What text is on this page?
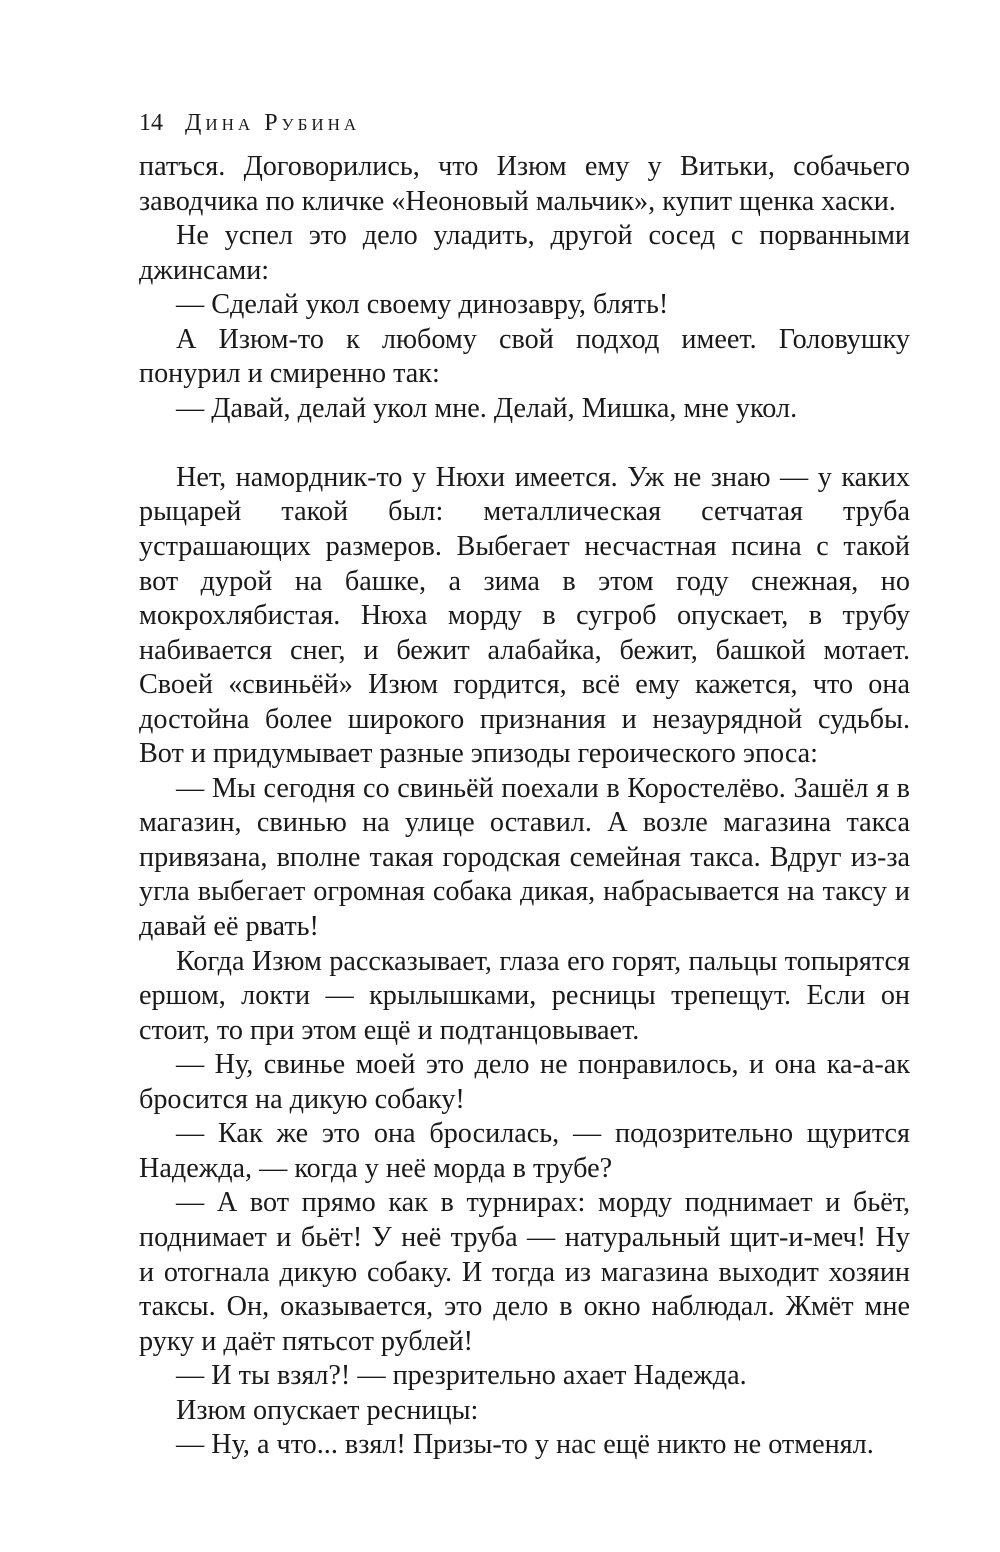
14 Дина Рубина

патъся. Договорились, что Изюм ему у Витьки, собачьего заводчика по кличке «Неоновый мальчик», купит щенка хаски.

Не успел это дело уладить, другой сосед с порванными джинсами:

— Сделай укол своему динозавру, блять!

А Изюм-то к любому свой подход имеет. Головушку понурил и смиренно так:

— Давай, делай укол мне. Делай, Мишка, мне укол.

Нет, намордник-то у Нюхи имеется. Уж не знаю — у каких рыцарей такой был: металлическая сетчатая труба устрашающих размеров. Выбегает несчастная псина с такой вот дурой на башке, а зима в этом году снежная, но мокрохлябистая. Нюха морду в сугроб опускает, в трубу набивается снег, и бежит алабайка, бежит, башкой мотает. Своей «свиньёй» Изюм гордится, всё ему кажется, что она достойна более широкого признания и незаурядной судьбы. Вот и придумывает разные эпизоды героического эпоса:

— Мы сегодня со свиньёй поехали в Коростелёво. Зашёл я в магазин, свинью на улице оставил. А возле магазина такса привязана, вполне такая городская семейная такса. Вдруг из-за угла выбегает огромная собака дикая, набрасывается на таксу и давай её рвать!

Когда Изюм рассказывает, глаза его горят, пальцы топырятся ершом, локти — крылышками, ресницы трепещут. Если он стоит, то при этом ещё и подтанцовывает.

— Ну, свинье моей это дело не понравилось, и она ка-а-ак бросится на дикую собаку!

— Как же это она бросилась, — подозрительно щурится Надежда, — когда у неё морда в трубе?

— А вот прямо как в турнирах: морду поднимает и бьёт, поднимает и бьёт! У неё труба — натуральный щит-и-меч! Ну и отогнала дикую собаку. И тогда из магазина выходит хозяин таксы. Он, оказывается, это дело в окно наблюдал. Жмёт мне руку и даёт пятьсот рублей!

— И ты взял?! — презрительно ахает Надежда.

Изюм опускает ресницы:

— Ну, а что... взял! Призы-то у нас ещё никто не отменял.
